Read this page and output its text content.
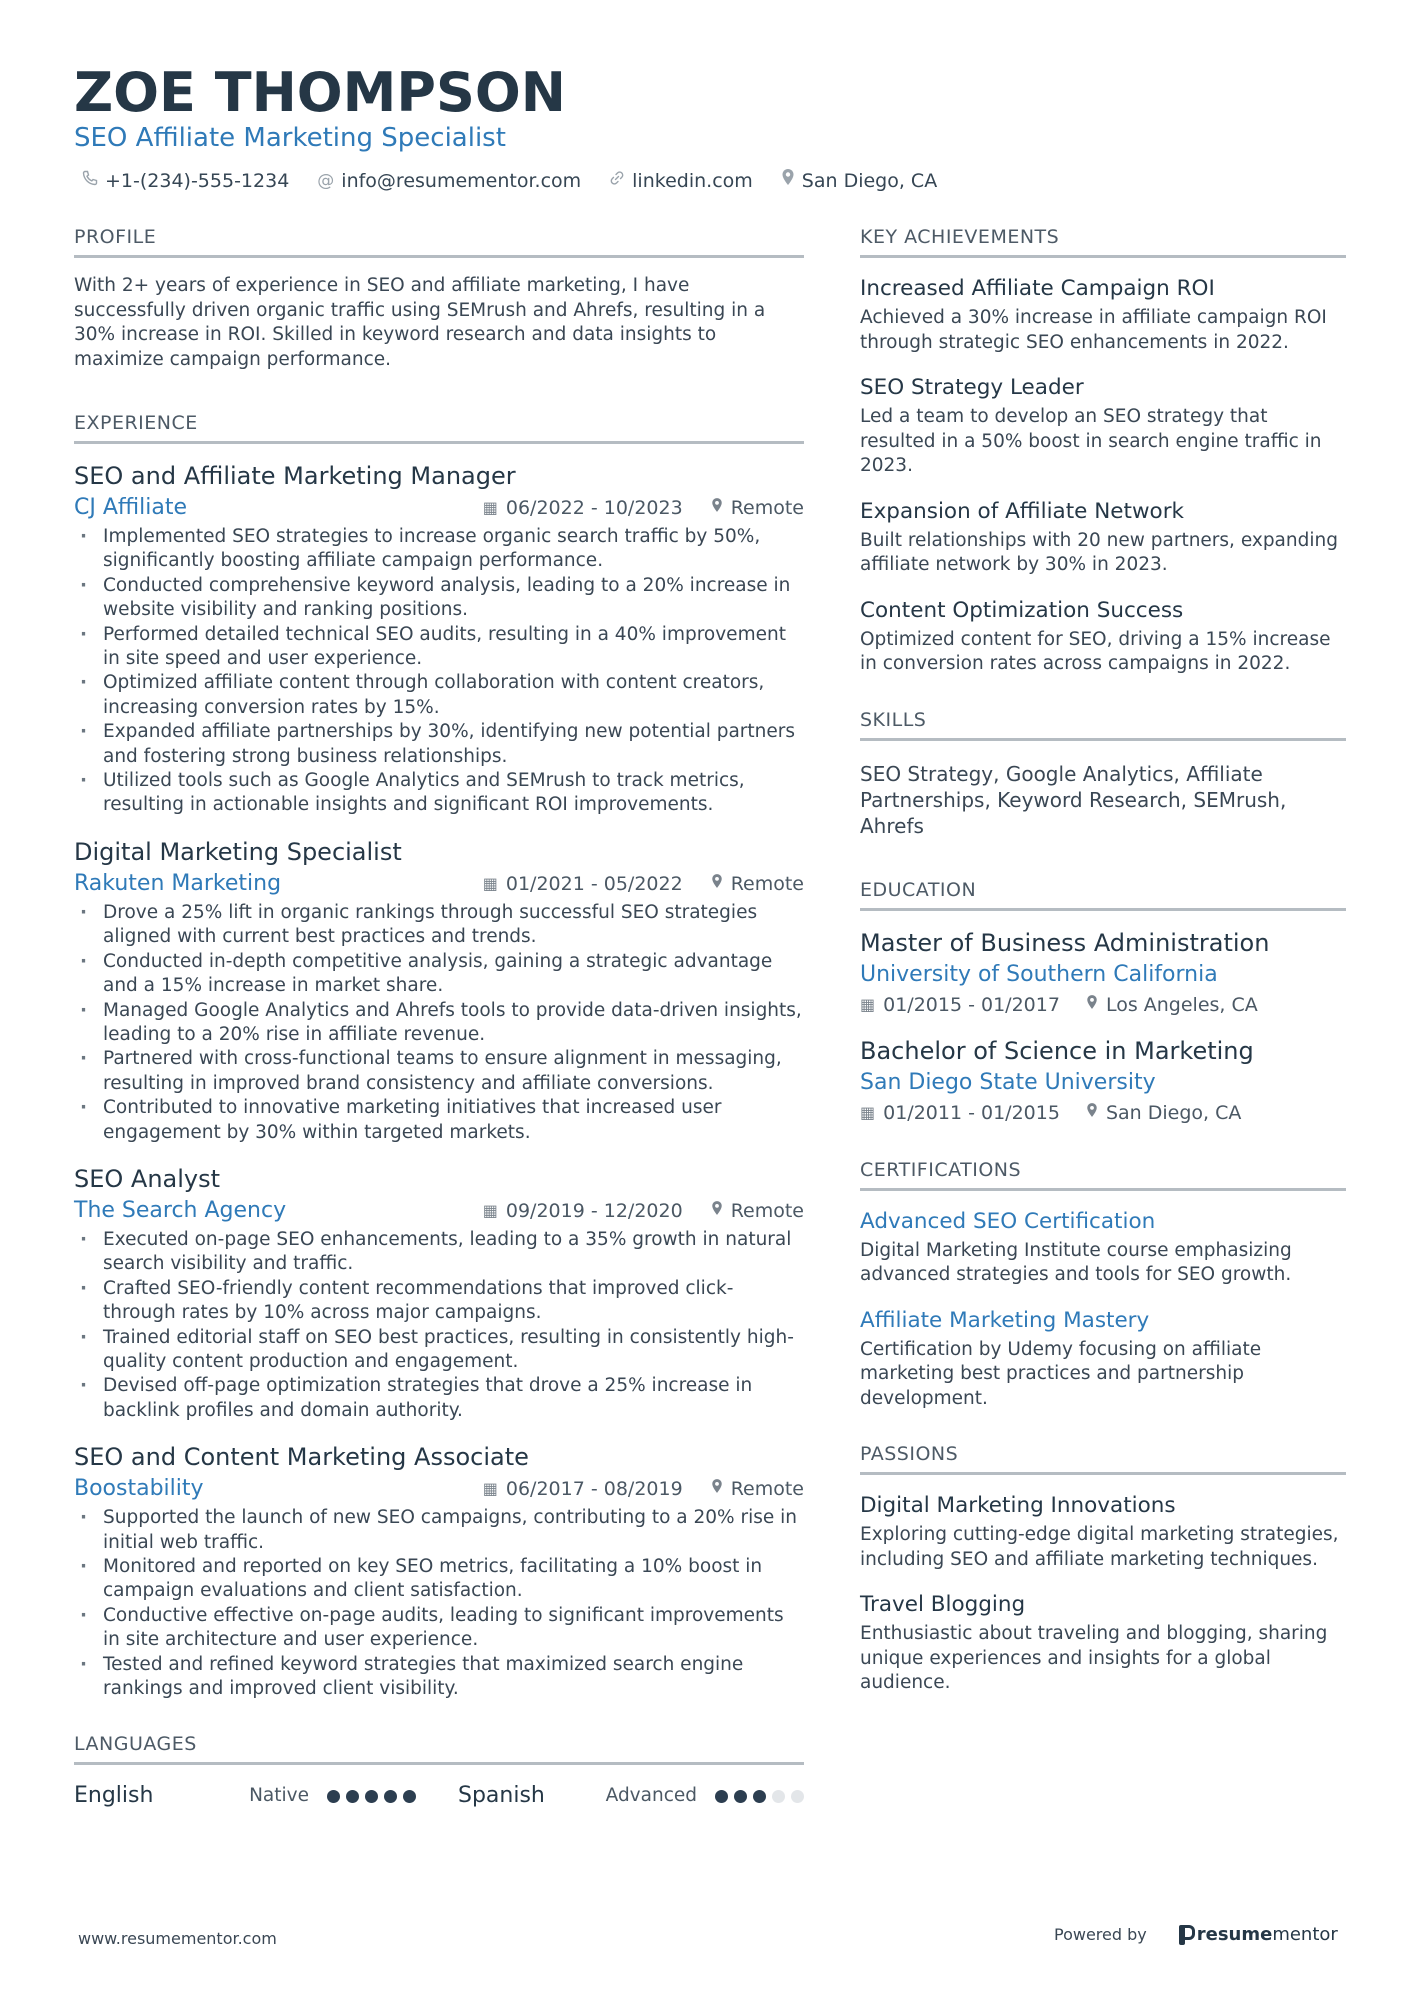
ZOE THOMPSON
SEO Affiliate Marketing Specialist
+1-(234)-555-1234 @ info@resumementor.com	linkedin.com	San Diego, CA
PROFILE
With 2+ years of experience in SEO and affiliate marketing, I have successfully driven organic traffic using SEMrush and Ahrefs, resulting in a 30% increase in ROI. Skilled in keyword research and data insights to maximize campaign performance.
EXPERIENCE
SEO and Affiliate Marketing Manager
CJ Affiliate	▦ 06/2022 - 10/2023	Remote
· Implemented SEO strategies to increase organic search traffic by 50%, significantly boosting affiliate campaign performance.
· Conducted comprehensive keyword analysis, leading to a 20% increase in website visibility and ranking positions.
· Performed detailed technical SEO audits, resulting in a 40% improvement in site speed and user experience.
· Optimized affiliate content through collaboration with content creators, increasing conversion rates by 15%.
· Expanded affiliate partnerships by 30%, identifying new potential partners and fostering strong business relationships.
· Utilized tools such as Google Analytics and SEMrush to track metrics, resulting in actionable insights and significant ROI improvements.
Digital Marketing Specialist
Rakuten Marketing	▦ 01/2021 - 05/2022	Remote
· Drove a 25% lift in organic rankings through successful SEO strategies aligned with current best practices and trends.
· Conducted in-depth competitive analysis, gaining a strategic advantage and a 15% increase in market share.
· Managed Google Analytics and Ahrefs tools to provide data-driven insights, leading to a 20% rise in affiliate revenue.
· Partnered with cross-functional teams to ensure alignment in messaging, resulting in improved brand consistency and affiliate conversions.
· Contributed to innovative marketing initiatives that increased user engagement by 30% within targeted markets.
SEO Analyst
The Search Agency	▦ 09/2019 - 12/2020	Remote
· Executed on-page SEO enhancements, leading to a 35% growth in natural search visibility and traffic.
· Crafted SEO-friendly content recommendations that improved click-through rates by 10% across major campaigns.
· Trained editorial staff on SEO best practices, resulting in consistently high-quality content production and engagement.
· Devised off-page optimization strategies that drove a 25% increase in backlink profiles and domain authority.
SEO and Content Marketing Associate
Boostability	▦ 06/2017 - 08/2019	Remote
· Supported the launch of new SEO campaigns, contributing to a 20% rise in initial web traffic.
· Monitored and reported on key SEO metrics, facilitating a 10% boost in campaign evaluations and client satisfaction.
· Conductive effective on-page audits, leading to significant improvements in site architecture and user experience.
· Tested and refined keyword strategies that maximized search engine rankings and improved client visibility.
LANGUAGES
English	Native	Spanish	Advanced
KEY ACHIEVEMENTS
Increased Affiliate Campaign ROI
Achieved a 30% increase in affiliate campaign ROI through strategic SEO enhancements in 2022.
SEO Strategy Leader
Led a team to develop an SEO strategy that resulted in a 50% boost in search engine traffic in 2023.
Expansion of Affiliate Network
Built relationships with 20 new partners, expanding affiliate network by 30% in 2023.
Content Optimization Success
Optimized content for SEO, driving a 15% increase in conversion rates across campaigns in 2022.
SKILLS
SEO Strategy, Google Analytics, Affiliate Partnerships, Keyword Research, SEMrush, Ahrefs
EDUCATION
Master of Business Administration
University of Southern California
▦ 01/2015 - 01/2017 Los Angeles, CA
Bachelor of Science in Marketing
San Diego State University
▦ 01/2011 - 01/2015 San Diego, CA
CERTIFICATIONS
Advanced SEO Certification
Digital Marketing Institute course emphasizing advanced strategies and tools for SEO growth.
Affiliate Marketing Mastery
Certification by Udemy focusing on affiliate marketing best practices and partnership development.
PASSIONS
Digital Marketing Innovations
Exploring cutting-edge digital marketing strategies, including SEO and affiliate marketing techniques.
Travel Blogging
Enthusiastic about traveling and blogging, sharing unique experiences and insights for a global audience.
www.resumementor.com	Powered by	resumementor
